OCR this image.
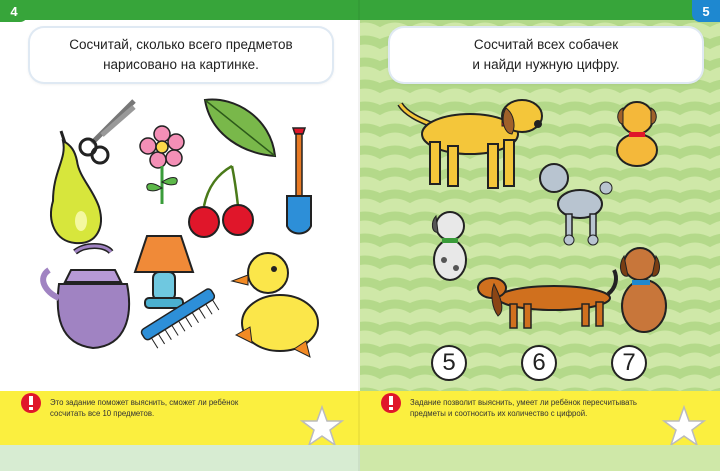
4
Сосчитай, сколько всего предметов
нарисовано на картинке.
Это задание поможет выяснить, сможет ли ребёнок
сосчитать все 10 предметов.
5
Сосчитай всех собачек
и найди нужную цифру.
5	6	7
Задание позволит выяснить, умеет ли ребёнок пересчитывать
предметы и соотносить их количество с цифрой.
